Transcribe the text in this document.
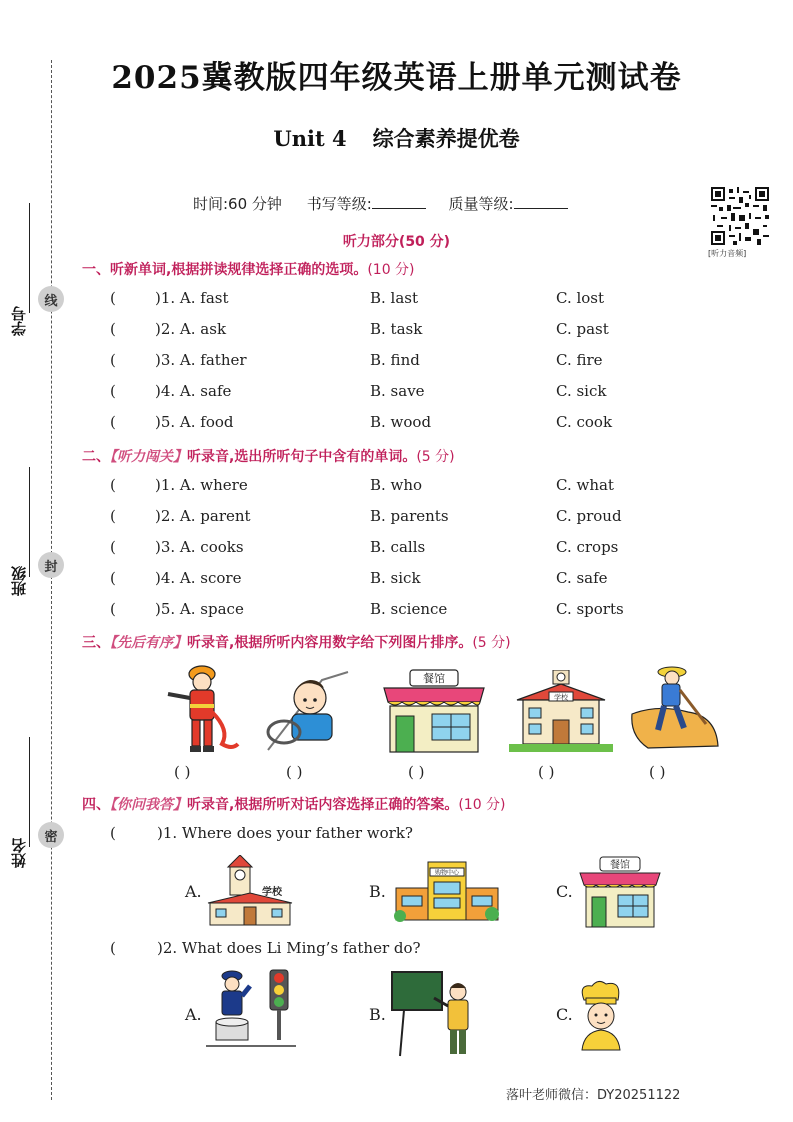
线
封
密
学号
班级
姓名
2025冀教版四年级英语上册单元测试卷
Unit 4 综合素养提优卷
时间:60 分钟 书写等级:	质量等级:
[听力音频]
听力部分(50 分)
一、听新单词,根据拼读规律选择正确的选项。(10 分)
(	)1. A. fast	B. last	C. lost
(	)2. A. ask	B. task	C. past
(	)3. A. father	B. find	C. fire
(	)4. A. safe	B. save	C. sick
(	)5. A. food	B. wood	C. cook
二、【听力闯关】听录音,选出所听句子中含有的单词。(5 分)
(	)1. A. where	B. who	C. what
(	)2. A. parent	B. parents	C. proud
(	)3. A. cooks	B. calls	C. crops
(	)4. A. score	B. sick	C. safe
(	)5. A. space	B. science	C. sports
三、【先后有序】听录音,根据所听内容用数字给下列图片排序。(5 分)
餐馆
学校
( )	( )	( )	( )	( )
四、【你问我答】听录音,根据所听对话内容选择正确的答案。(10 分)
(	)1. Where does your father work?
A.	学校	B.
购物中心
C.
餐馆
(	)2. What does Li Ming’s father do?
A.	B.	C.
落叶老师微信：DY20251122
